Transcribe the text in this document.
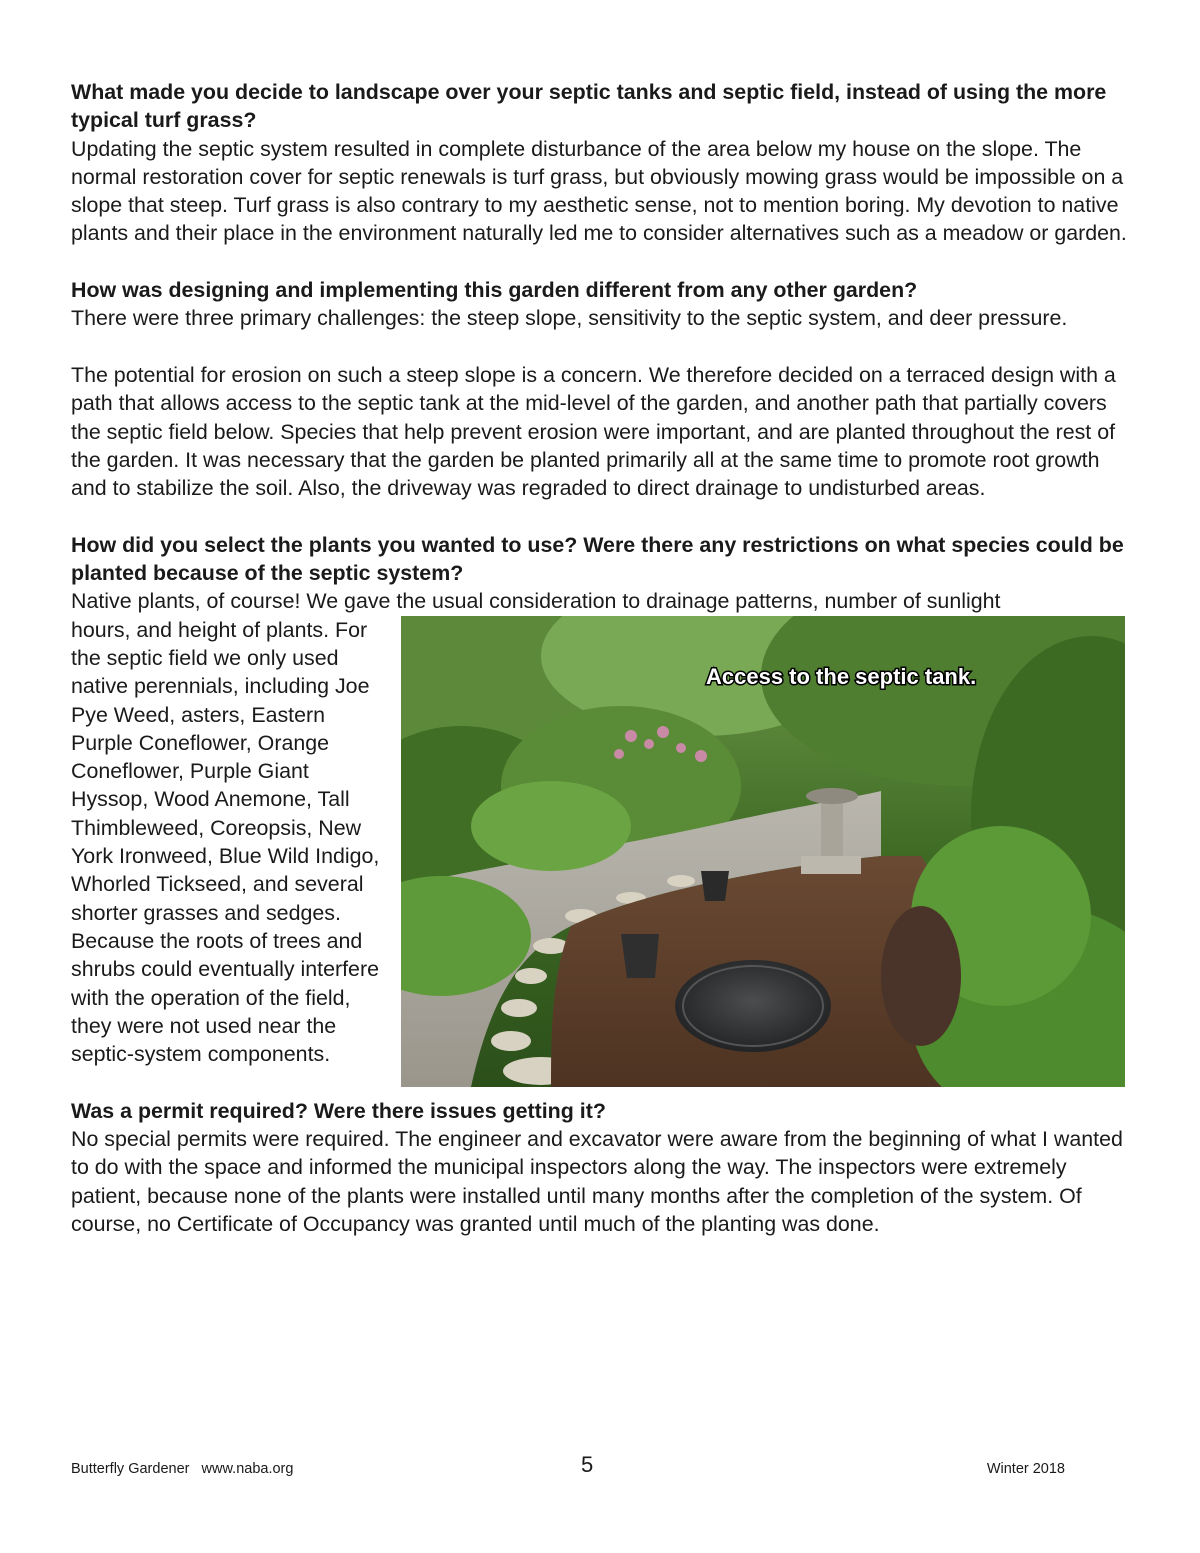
What made you decide to landscape over your septic tanks and septic field, instead of using the more typical turf grass?

Updating the septic system resulted in complete disturbance of the area below my house on the slope. The normal restoration cover for septic renewals is turf grass, but obviously mowing grass would be impossible on a slope that steep. Turf grass is also contrary to my aesthetic sense, not to mention boring. My devotion to native plants and their place in the environment naturally led me to consider alternatives such as a meadow or garden.

How was designing and implementing this garden different from any other garden?

There were three primary challenges: the steep slope, sensitivity to the septic system, and deer pressure.

The potential for erosion on such a steep slope is a concern. We therefore decided on a terraced design with a path that allows access to the septic tank at the mid-level of the garden, and another path that partially covers the septic field below. Species that help prevent erosion were important, and are planted throughout the rest of the garden. It was necessary that the garden be planted primarily all at the same time to promote root growth and to stabilize the soil. Also, the driveway was regraded to direct drainage to undisturbed areas.

How did you select the plants you wanted to use? Were there any restrictions on what species could be planted because of the septic system?

Native plants, of course! We gave the usual consideration to drainage patterns, number of sunlight

Access to the septic tank.

hours, and height of plants. For the septic field we only used native perennials, including Joe Pye Weed, asters, Eastern Purple Coneflower, Orange Coneflower, Purple Giant Hyssop, Wood Anemone, Tall Thimbleweed, Coreopsis, New York Ironweed, Blue Wild Indigo, Whorled Tickseed, and several shorter grasses and sedges. Because the roots of trees and shrubs could eventually interfere with the operation of the field, they were not used near the septic-system components.

Was a permit required? Were there issues getting it?

No special permits were required. The engineer and excavator were aware from the beginning of what I wanted to do with the space and informed the municipal inspectors along the way. The inspectors were extremely patient, because none of the plants were installed until many months after the completion of the system. Of course, no Certificate of Occupancy was granted until much of the planting was done.

Butterfly Gardener   www.naba.org	5	Winter 2018
